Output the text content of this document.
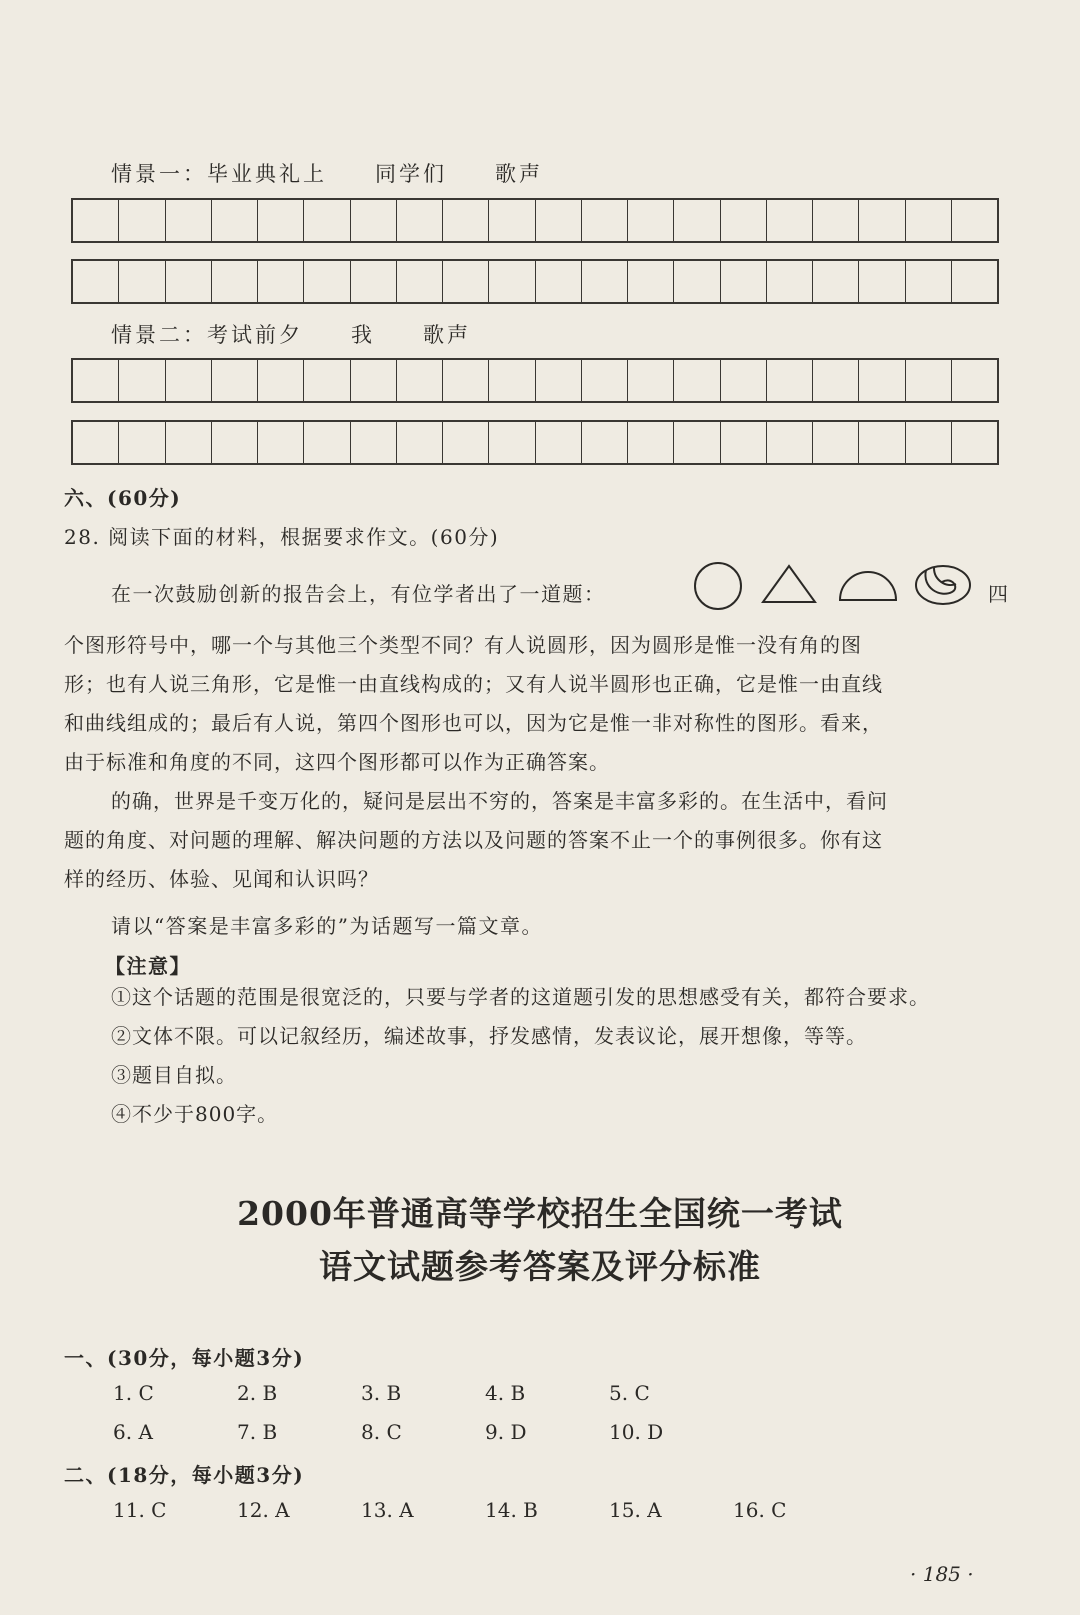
情景一：毕业典礼上 同学们 歌声
情景二：考试前夕 我 歌声
六、(60分)
28. 阅读下面的材料，根据要求作文。(60分)
在一次鼓励创新的报告会上，有位学者出了一道题：	四
个图形符号中，哪一个与其他三个类型不同？有人说圆形，因为圆形是惟一没有角的图
形；也有人说三角形，它是惟一由直线构成的；又有人说半圆形也正确，它是惟一由直线
和曲线组成的；最后有人说，第四个图形也可以，因为它是惟一非对称性的图形。看来，
由于标准和角度的不同，这四个图形都可以作为正确答案。
的确，世界是千变万化的，疑问是层出不穷的，答案是丰富多彩的。在生活中，看问
题的角度、对问题的理解、解决问题的方法以及问题的答案不止一个的事例很多。你有这
样的经历、体验、见闻和认识吗？
请以“答案是丰富多彩的”为话题写一篇文章。
【注意】
①这个话题的范围是很宽泛的，只要与学者的这道题引发的思想感受有关，都符合要求。
②文体不限。可以记叙经历，编述故事，抒发感情，发表议论，展开想像，等等。
③题目自拟。
④不少于800字。
2000年普通高等学校招生全国统一考试
语文试题参考答案及评分标准
一、(30分，每小题3分)
1. C	2. B	3. B	4. B	5. C
6. A	7. B	8. C	9. D	10. D
二、(18分，每小题3分)
11. C	12. A	13. A	14. B	15. A	16. C
· 185 ·
